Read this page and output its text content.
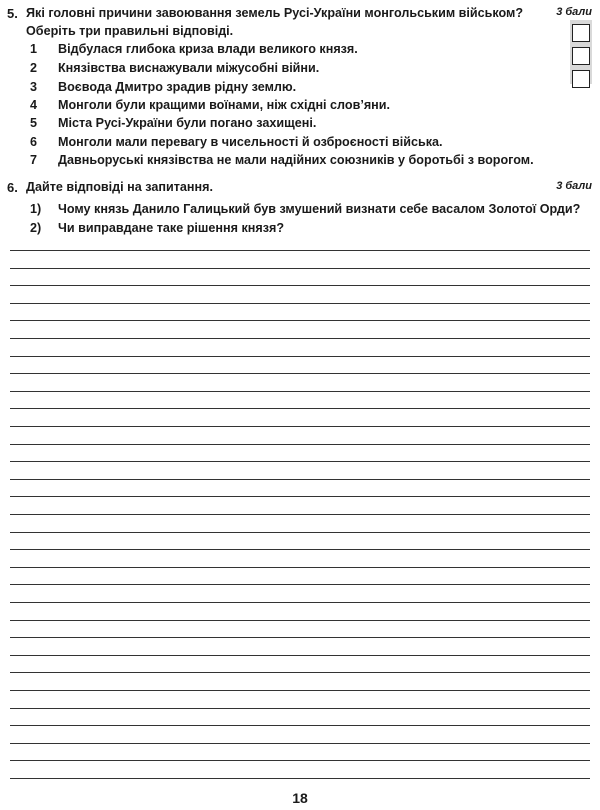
5. Які головні причини завоювання земель Русі-України монгольським військом? Оберіть три правильні відповіді.
3 бали
1	Відбулася глибока криза влади великого князя.
2	Князівства виснажували міжусобні війни.
3	Воєвода Дмитро зрадив рідну землю.
4	Монголи були кращими воїнами, ніж східні слов’яни.
5	Міста Русі-України були погано захищені.
6	Монголи мали перевагу в чисельності й озброєності війська.
7	Давньоруські князівства не мали надійних союзників у боротьбі з ворогом.
6. Дайте відповіді на запитання.	3 бали
1) Чому князь Данило Галицький був змушений визнати себе васалом Золотої Орди?
2) Чи виправдане таке рішення князя?
18
